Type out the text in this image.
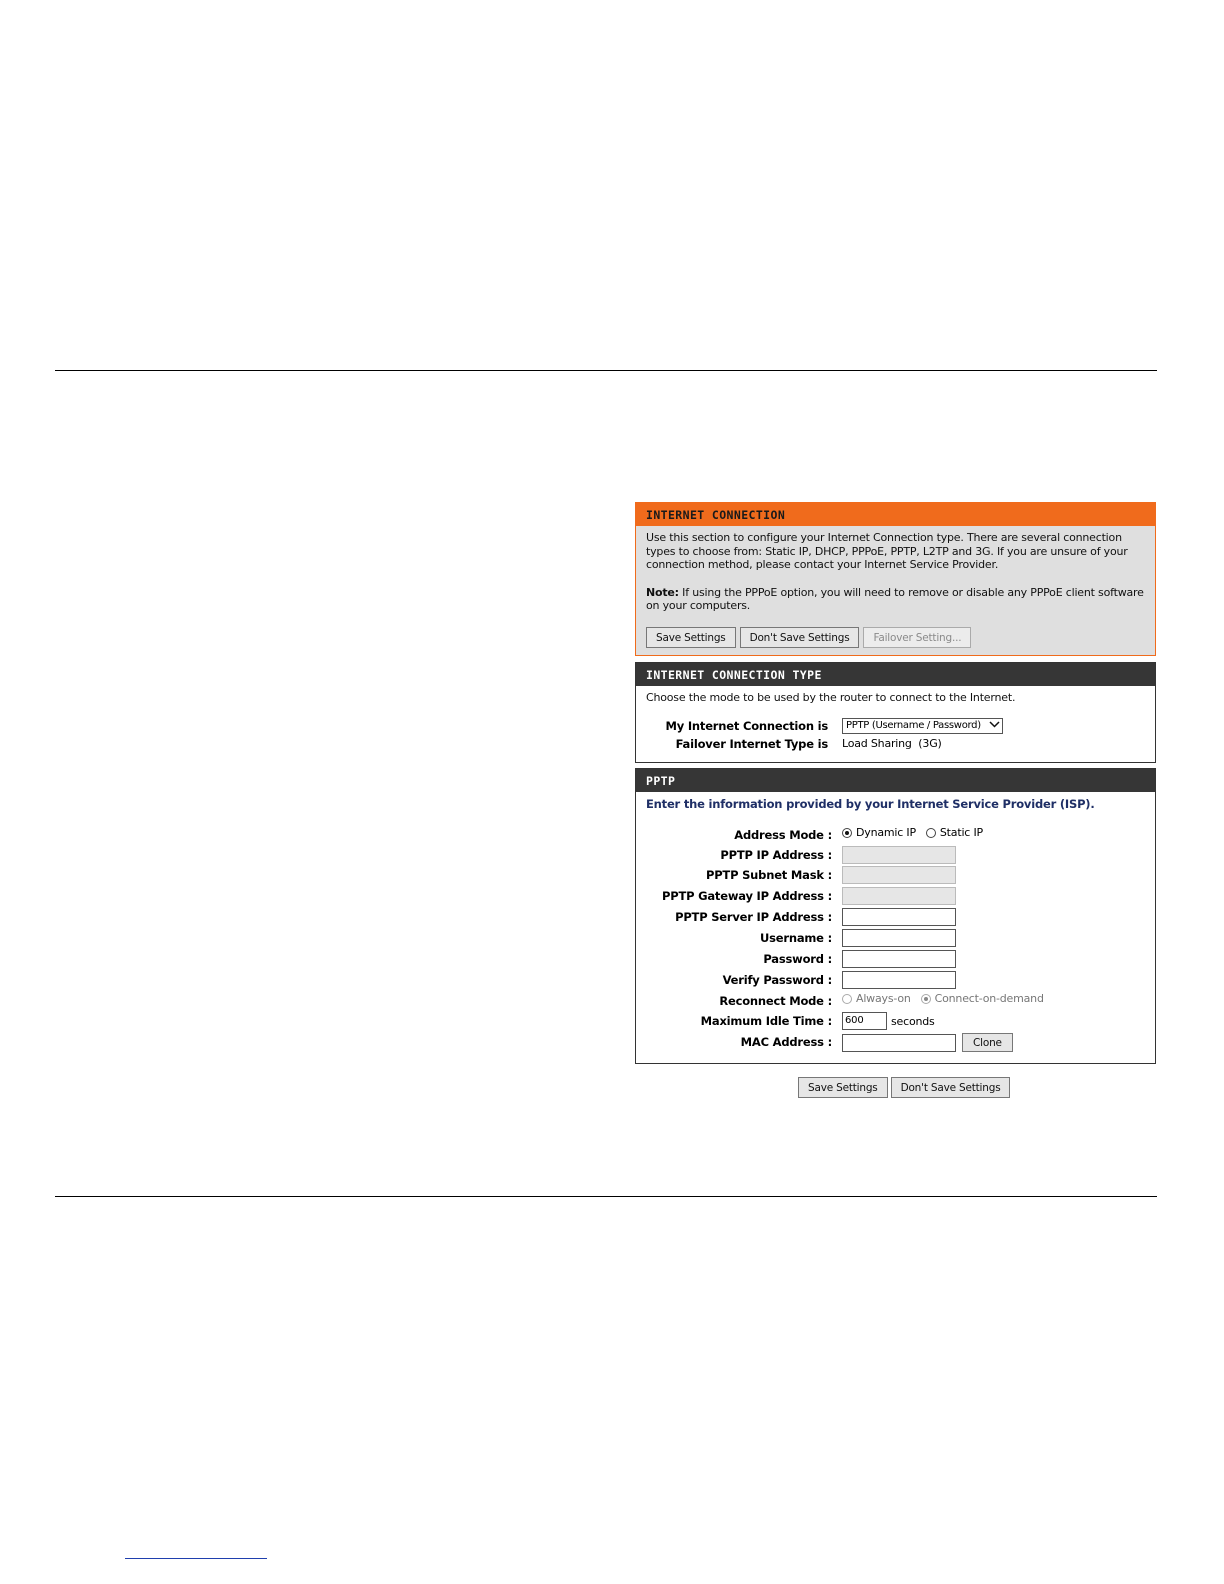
INTERNET CONNECTION

Use this section to configure your Internet Connection type. There are several connection types to choose from: Static IP, DHCP, PPPoE, PPTP, L2TP and 3G. If you are unsure of your connection method, please contact your Internet Service Provider.

Note: If using the PPPoE option, you will need to remove or disable any PPPoE client software on your computers.

Save Settings	Don't Save Settings	Failover Setting...
INTERNET CONNECTION TYPE
Choose the mode to be used by the router to connect to the Internet.
My Internet Connection is	PPTP (Username / Password)
Failover Internet Type is Load Sharing  (3G)
PPTP
Enter the information provided by your Internet Service Provider (ISP).
Address Mode : Dynamic IP Static IP
PPTP IP Address :
PPTP Subnet Mask :
PPTP Gateway IP Address :
PPTP Server IP Address :
Username :
Password :
Verify Password :
Reconnect Mode : Always-on Connect-on-demand
Maximum Idle Time :	600	seconds
MAC Address :	Clone
Save Settings	Don't Save Settings
